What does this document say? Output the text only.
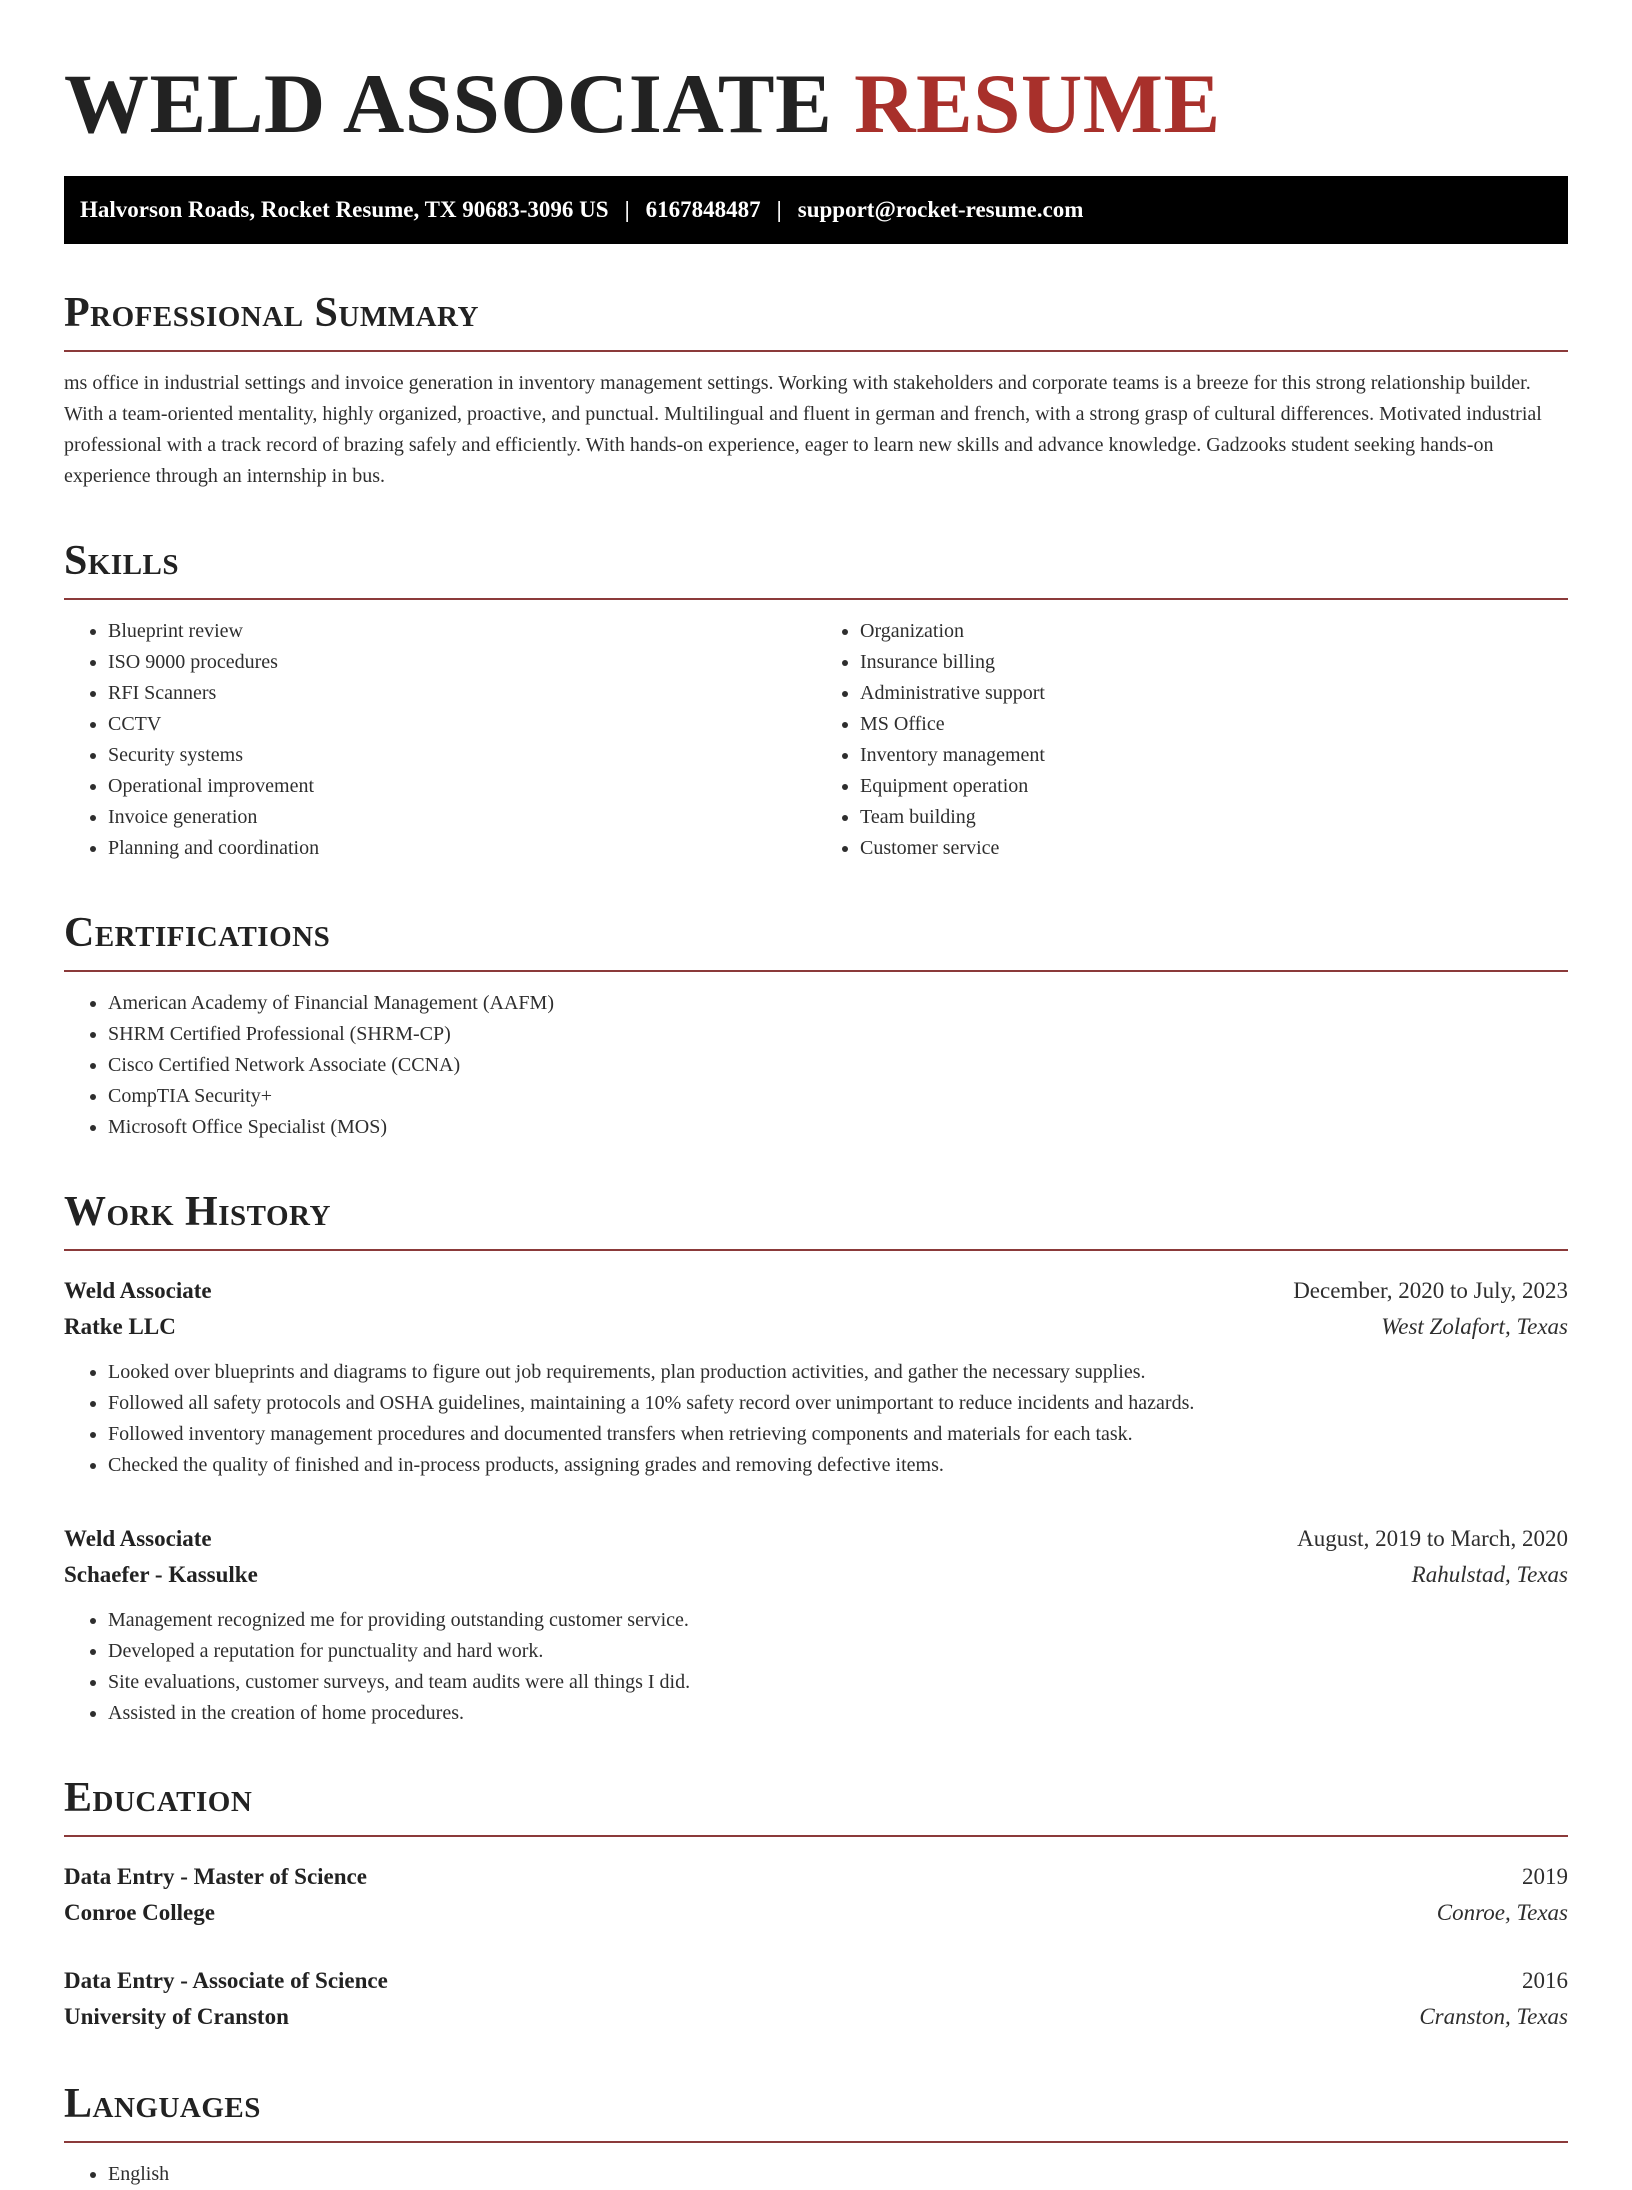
WELD ASSOCIATE RESUME
Halvorson Roads, Rocket Resume, TX 90683-3096 US | 6167848487 | support@rocket-resume.com
Professional Summary

ms office in industrial settings and invoice generation in inventory management settings. Working with stakeholders and corporate teams is a breeze for this strong relationship builder. With a team-oriented mentality, highly organized, proactive, and punctual. Multilingual and fluent in german and french, with a strong grasp of cultural differences. Motivated industrial professional with a track record of brazing safely and efficiently. With hands-on experience, eager to learn new skills and advance knowledge. Gadzooks student seeking hands-on experience through an internship in bus.

Skills
• Blueprint review
• ISO 9000 procedures
• RFI Scanners
• CCTV
• Security systems
• Operational improvement
• Invoice generation
• Planning and coordination
• Organization
• Insurance billing
• Administrative support
• MS Office
• Inventory management
• Equipment operation
• Team building
• Customer service
Certifications
• American Academy of Financial Management (AAFM)
• SHRM Certified Professional (SHRM-CP)
• Cisco Certified Network Associate (CCNA)
• CompTIA Security+
• Microsoft Office Specialist (MOS)
Work History
Weld Associate	December, 2020 to July, 2023
Ratke LLC	West Zolafort, Texas
• Looked over blueprints and diagrams to figure out job requirements, plan production activities, and gather the necessary supplies.
• Followed all safety protocols and OSHA guidelines, maintaining a 10% safety record over unimportant to reduce incidents and hazards.
• Followed inventory management procedures and documented transfers when retrieving components and materials for each task.
• Checked the quality of finished and in-process products, assigning grades and removing defective items.
Weld Associate	August, 2019 to March, 2020
Schaefer - Kassulke	Rahulstad, Texas
• Management recognized me for providing outstanding customer service.
• Developed a reputation for punctuality and hard work.
• Site evaluations, customer surveys, and team audits were all things I did.
• Assisted in the creation of home procedures.
Education
Data Entry - Master of Science	2019
Conroe College	Conroe, Texas
Data Entry - Associate of Science	2016
University of Cranston	Cranston, Texas
Languages
• English
